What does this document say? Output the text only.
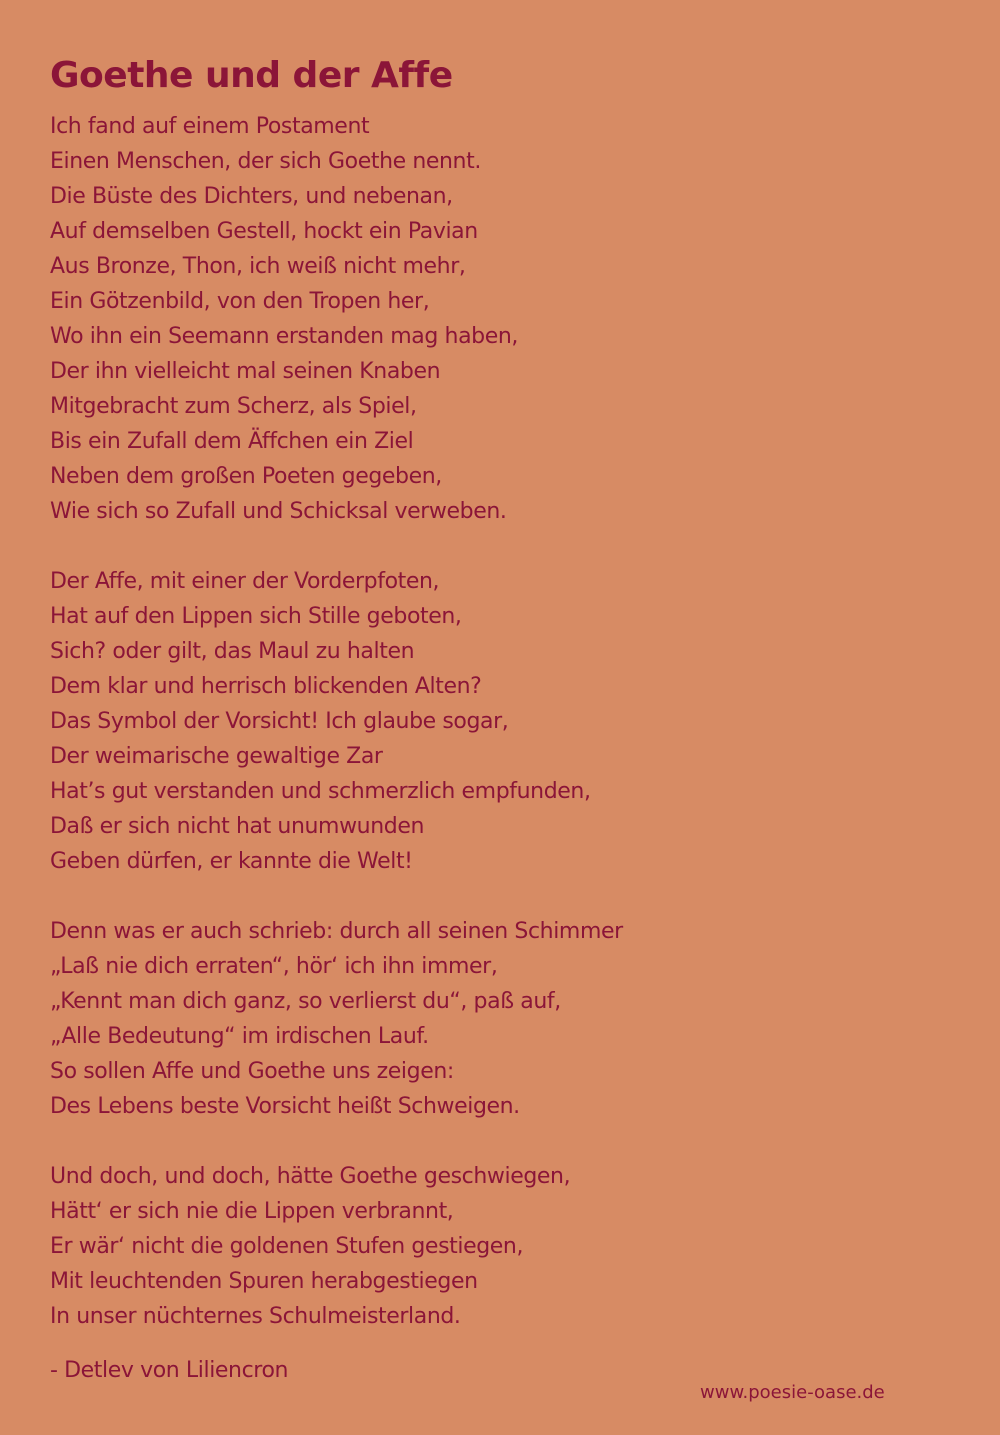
Goethe und der Affe
Ich fand auf einem Postament
Einen Menschen, der sich Goethe nennt.
Die Büste des Dichters, und nebenan,
Auf demselben Gestell, hockt ein Pavian
Aus Bronze, Thon, ich weiß nicht mehr,
Ein Götzenbild, von den Tropen her,
Wo ihn ein Seemann erstanden mag haben,
Der ihn vielleicht mal seinen Knaben
Mitgebracht zum Scherz, als Spiel,
Bis ein Zufall dem Äffchen ein Ziel
Neben dem großen Poeten gegeben,
Wie sich so Zufall und Schicksal verweben.
Der Affe, mit einer der Vorderpfoten,
Hat auf den Lippen sich Stille geboten,
Sich? oder gilt, das Maul zu halten
Dem klar und herrisch blickenden Alten?
Das Symbol der Vorsicht! Ich glaube sogar,
Der weimarische gewaltige Zar
Hat’s gut verstanden und schmerzlich empfunden,
Daß er sich nicht hat unumwunden
Geben dürfen, er kannte die Welt!
Denn was er auch schrieb: durch all seinen Schimmer
„Laß nie dich erraten“, hör‘ ich ihn immer,
„Kennt man dich ganz, so verlierst du“, paß auf,
„Alle Bedeutung“ im irdischen Lauf.
So sollen Affe und Goethe uns zeigen:
Des Lebens beste Vorsicht heißt Schweigen.
Und doch, und doch, hätte Goethe geschwiegen,
Hätt‘ er sich nie die Lippen verbrannt,
Er wär‘ nicht die goldenen Stufen gestiegen,
Mit leuchtenden Spuren herabgestiegen
In unser nüchternes Schulmeisterland.
- Detlev von Liliencron
www.poesie-oase.de
